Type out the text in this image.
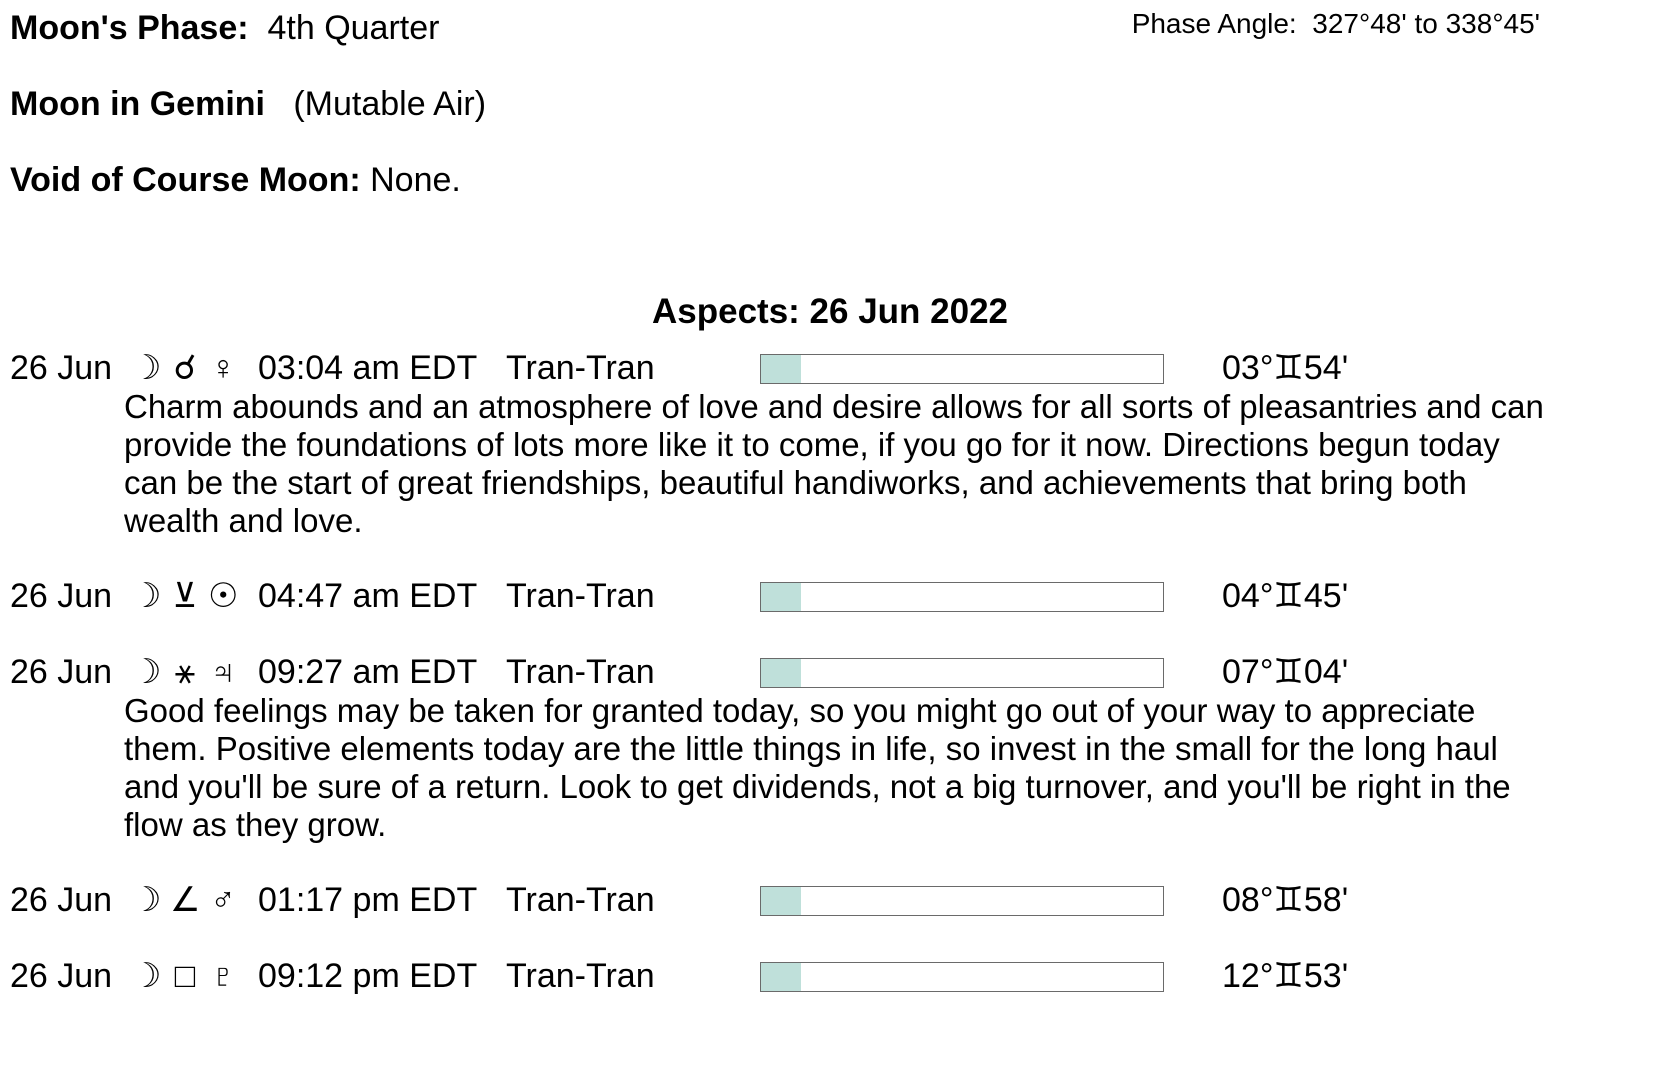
Moon's Phase: 4th Quarter	Phase Angle: 327°48' to 338°45'
Moon in Gemini (Mutable Air)
Void of Course Moon: None.
Aspects: 26 Jun 2022
26 Jun ☽ ☌ ♀ 03:04 am EDT Tran-Tran	03°♊54'
Charm abounds and an atmosphere of love and desire allows for all sorts of pleasantries and can provide the foundations of lots more like it to come, if you go for it now. Directions begun today can be the start of great friendships, beautiful handiworks, and achievements that bring both wealth and love.
26 Jun ☽ ⊻ ☉ 04:47 am EDT Tran-Tran	04°♊45'
26 Jun ☽ ⚹ ♃ 09:27 am EDT Tran-Tran	07°♊04'
Good feelings may be taken for granted today, so you might go out of your way to appreciate them. Positive elements today are the little things in life, so invest in the small for the long haul and you'll be sure of a return. Look to get dividends, not a big turnover, and you'll be right in the flow as they grow.
26 Jun ☽ ∠ ♂ 01:17 pm EDT Tran-Tran	08°♊58'
26 Jun ☽ □ ♇ 09:12 pm EDT Tran-Tran	12°♊53'
